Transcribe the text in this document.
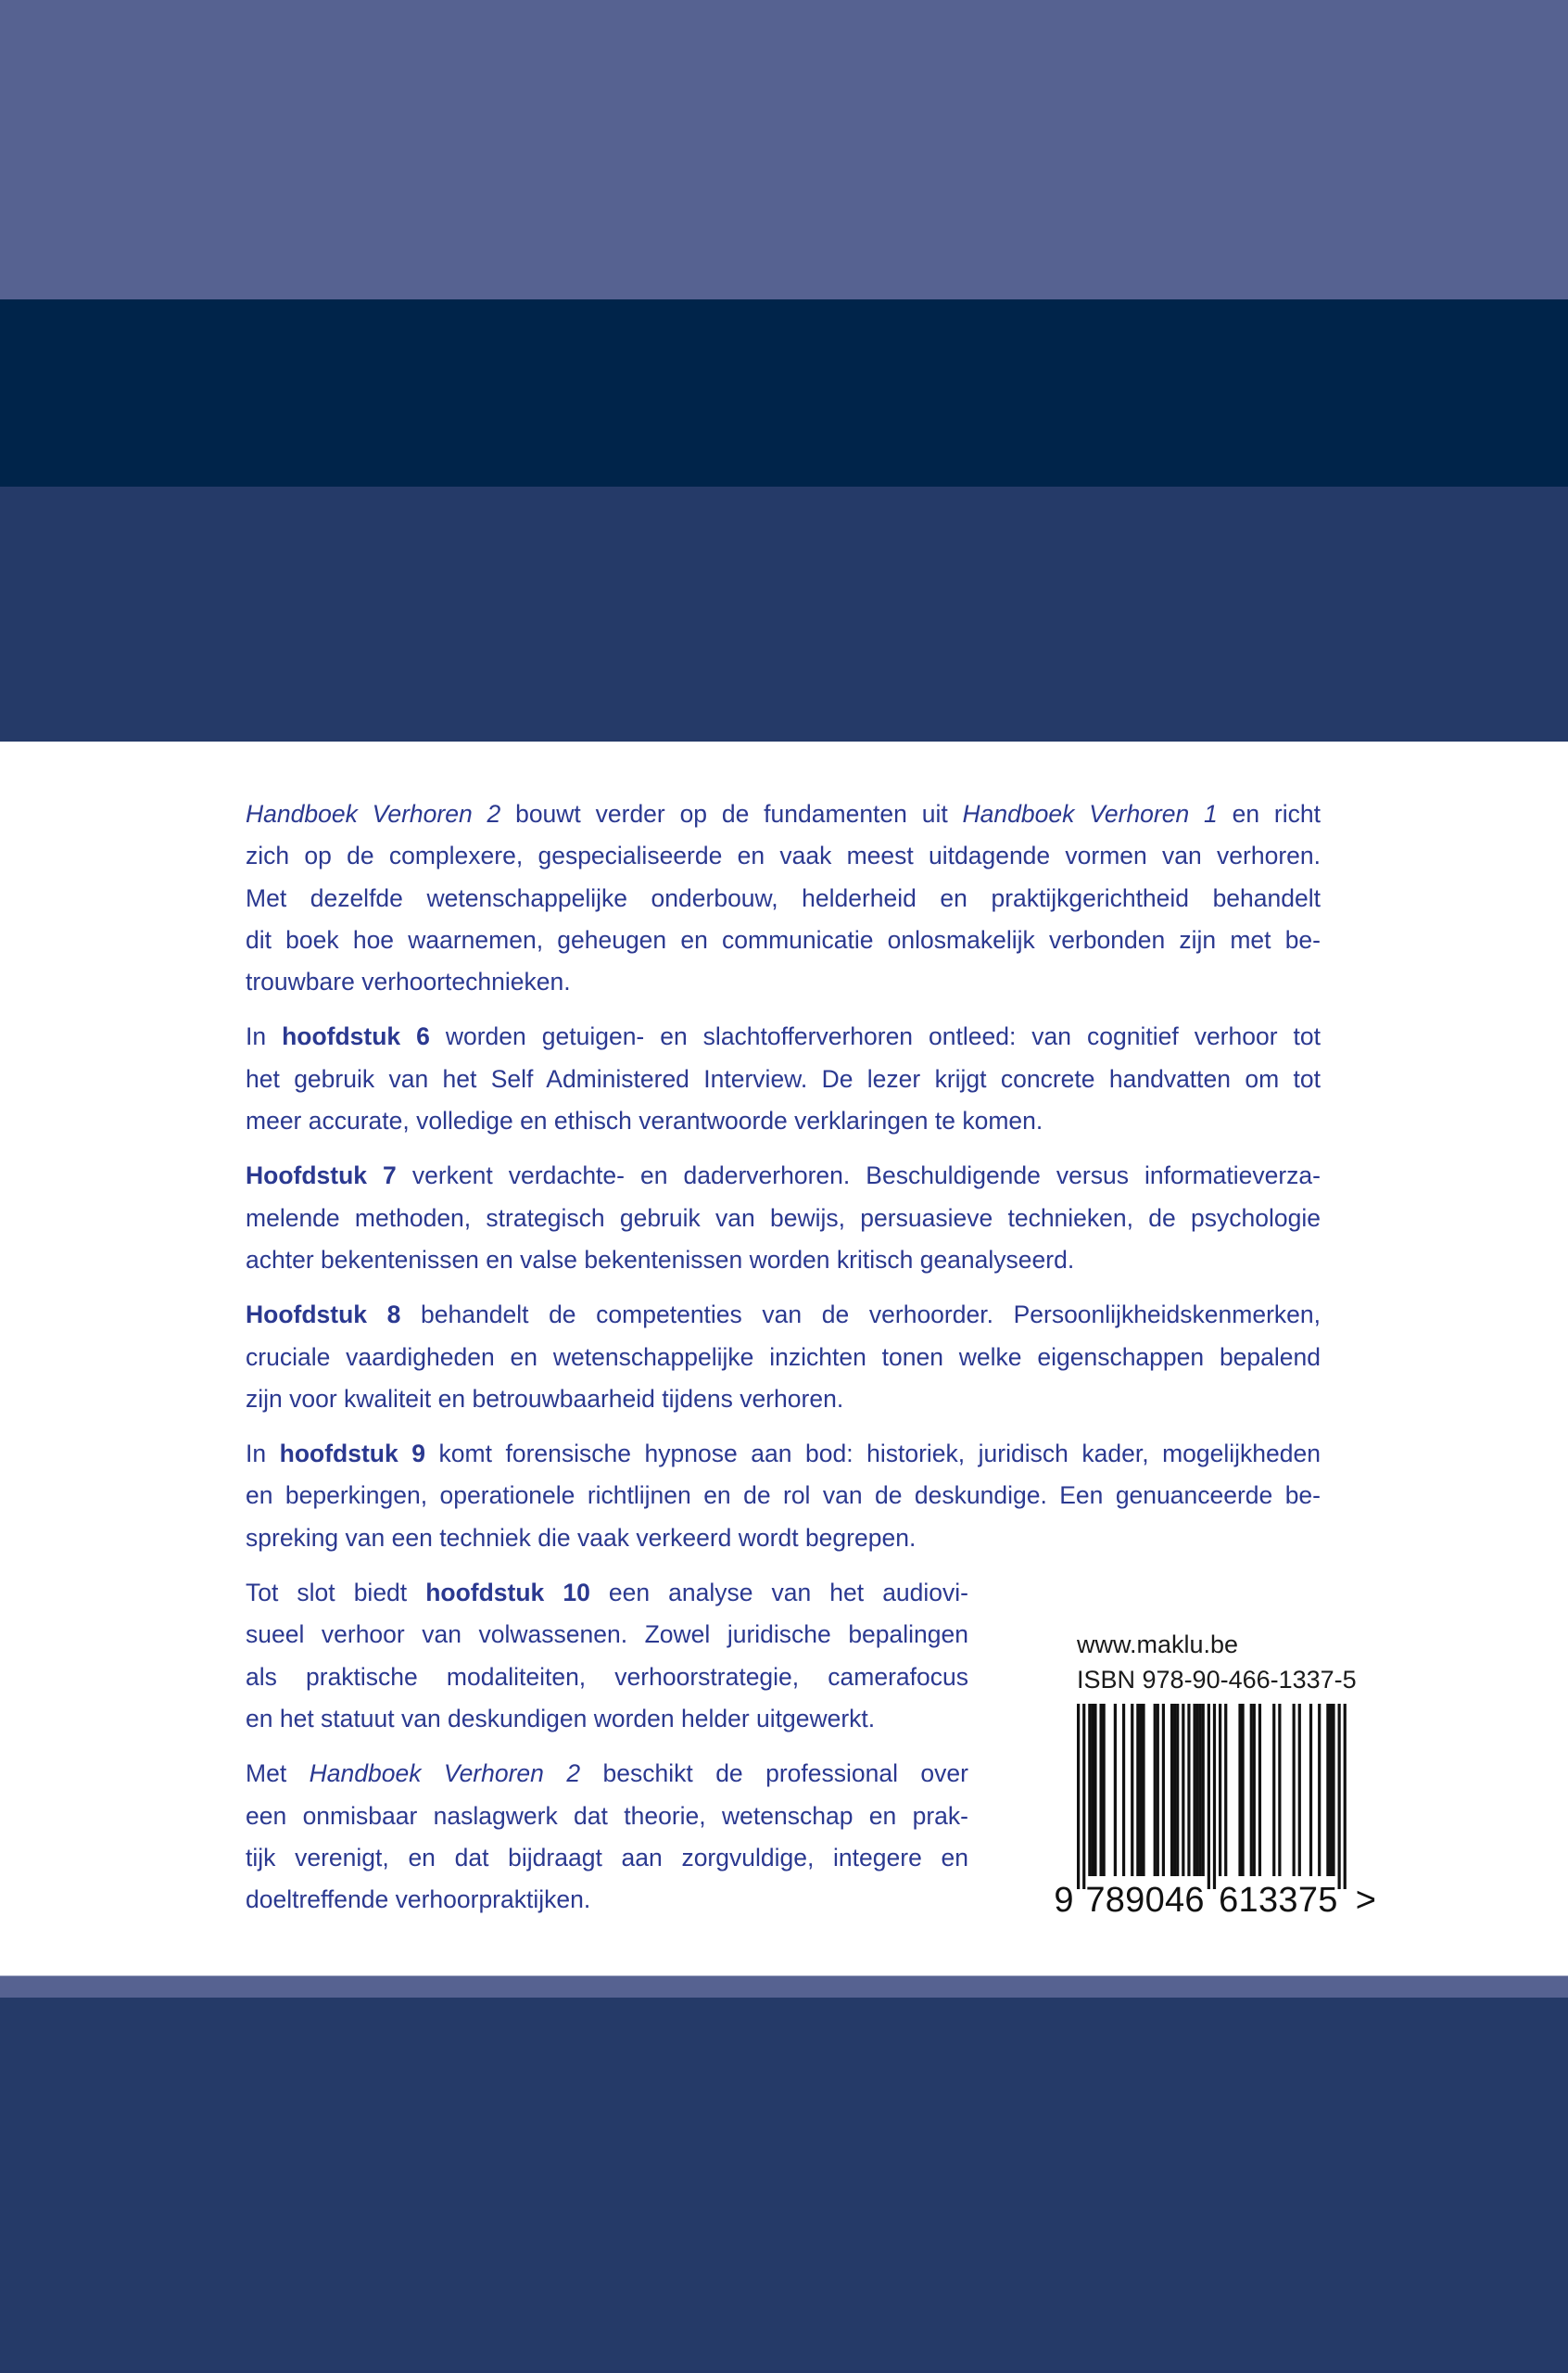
Handboek Verhoren 2 bouwt verder op de fundamenten uit Handboek Verhoren 1 en richt
zich op de complexere, gespecialiseerde en vaak meest uitdagende vormen van verhoren.
Met dezelfde wetenschappelijke onderbouw, helderheid en praktijkgerichtheid behandelt
dit boek hoe waarnemen, geheugen en communicatie onlosmakelijk verbonden zijn met be-
trouwbare verhoortechnieken.
In hoofdstuk 6 worden getuigen- en slachtofferverhoren ontleed: van cognitief verhoor tot
het gebruik van het Self Administered Interview. De lezer krijgt concrete handvatten om tot
meer accurate, volledige en ethisch verantwoorde verklaringen te komen.
Hoofdstuk 7 verkent verdachte- en daderverhoren. Beschuldigende versus informatieverza-
melende methoden, strategisch gebruik van bewijs, persuasieve technieken, de psychologie
achter bekentenissen en valse bekentenissen worden kritisch geanalyseerd.
Hoofdstuk 8 behandelt de competenties van de verhoorder. Persoonlijkheidskenmerken,
cruciale vaardigheden en wetenschappelijke inzichten tonen welke eigenschappen bepalend
zijn voor kwaliteit en betrouwbaarheid tijdens verhoren.
In hoofdstuk 9 komt forensische hypnose aan bod: historiek, juridisch kader, mogelijkheden
en beperkingen, operationele richtlijnen en de rol van de deskundige. Een genuanceerde be-
spreking van een techniek die vaak verkeerd wordt begrepen.
Tot slot biedt hoofdstuk 10 een analyse van het audiovi-
sueel verhoor van volwassenen. Zowel juridische bepalingen
als praktische modaliteiten, verhoorstrategie, camerafocus
en het statuut van deskundigen worden helder uitgewerkt.
Met Handboek Verhoren 2 beschikt de professional over
een onmisbaar naslagwerk dat theorie, wetenschap en prak-
tijk verenigt, en dat bijdraagt aan zorgvuldige, integere en
doeltreffende verhoorpraktijken.
www.maklu.be
ISBN 978-90-466-1337-5
9 7 8 9 0 4 6 6 1 3 3 7 5 >
